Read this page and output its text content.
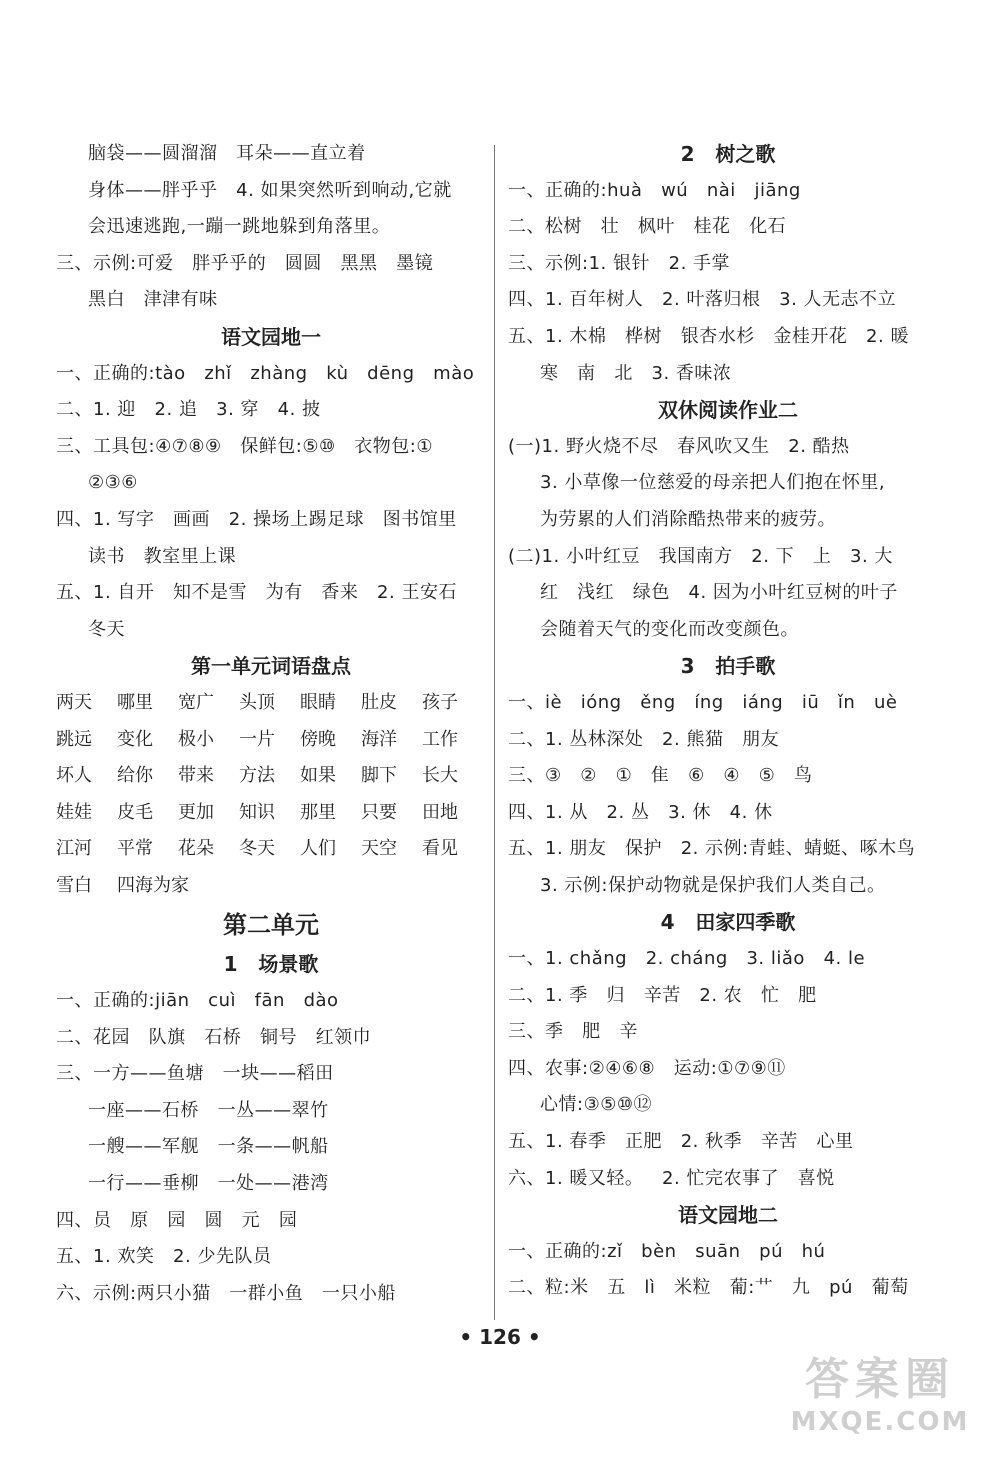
脑袋——圆溜溜   耳朵——直立着
身体——胖乎乎   4. 如果突然听到响动,它就
会迅速逃跑,一蹦一跳地躲到角落里。
三、示例:可爱   胖乎乎的   圆圆   黑黑   墨镜
黑白   津津有味
语文园地一
一、正确的:tào   zhǐ   zhàng   kù   dēng   mào
二、1. 迎   2. 追   3. 穿   4. 披
三、工具包:④⑦⑧⑨   保鲜包:⑤⑩   衣物包:①
②③⑥
四、1. 写字   画画   2. 操场上踢足球   图书馆里
读书   教室里上课
五、1. 自开   知不是雪   为有   香来   2. 王安石
冬天
第一单元词语盘点
两天	哪里	宽广	头顶	眼睛	肚皮	孩子
跳远	变化	极小	一片	傍晚	海洋	工作
坏人	给你	带来	方法	如果	脚下	长大
娃娃	皮毛	更加	知识	那里	只要	田地
江河	平常	花朵	冬天	人们	天空	看见
雪白	四海为家
第二单元
1   场景歌
一、正确的:jiān   cuì   fān   dào
二、花园   队旗   石桥   铜号   红领巾
三、一方——鱼塘   一块——稻田
一座——石桥   一丛——翠竹
一艘——军舰   一条——帆船
一行——垂柳   一处——港湾
四、员   原   园   圆   元   园
五、1. 欢笑   2. 少先队员
六、示例:两只小猫   一群小鱼   一只小船
2   树之歌
一、正确的:huà   wú   nài   jiāng
二、松树   壮   枫叶   桂花   化石
三、示例:1. 银针   2. 手掌
四、1. 百年树人   2. 叶落归根   3. 人无志不立
五、1. 木棉   桦树   银杏水杉   金桂开花   2. 暖
寒   南   北   3. 香味浓
双休阅读作业二
(一)1. 野火烧不尽   春风吹又生   2. 酷热
3. 小草像一位慈爱的母亲把人们抱在怀里,
为劳累的人们消除酷热带来的疲劳。
(二)1. 小叶红豆   我国南方   2. 下   上   3. 大
红   浅红   绿色   4. 因为小叶红豆树的叶子
会随着天气的变化而改变颜色。
3   拍手歌
一、iè   ióng   ěng   íng   iáng   iū   ǐn   uè
二、1. 丛林深处   2. 熊猫   朋友
三、③   ②   ①   隹   ⑥   ④   ⑤   鸟
四、1. 从   2. 丛   3. 休   4. 休
五、1. 朋友   保护   2. 示例:青蛙、蜻蜓、啄木鸟
3. 示例:保护动物就是保护我们人类自己。
4   田家四季歌
一、1. chǎng   2. cháng   3. liǎo   4. le
二、1. 季   归   辛苦   2. 农   忙   肥
三、季   肥   辛
四、农事:②④⑥⑧   运动:①⑦⑨⑪
心情:③⑤⑩⑫
五、1. 春季   正肥   2. 秋季   辛苦   心里
六、1. 暖又轻。   2. 忙完农事了   喜悦
语文园地二
一、正确的:zǐ   bèn   suān   pú   hú
二、粒:米   五   lì   米粒   葡:艹   九   pú   葡萄
• 126 •
答案圈
MXQE.COM
